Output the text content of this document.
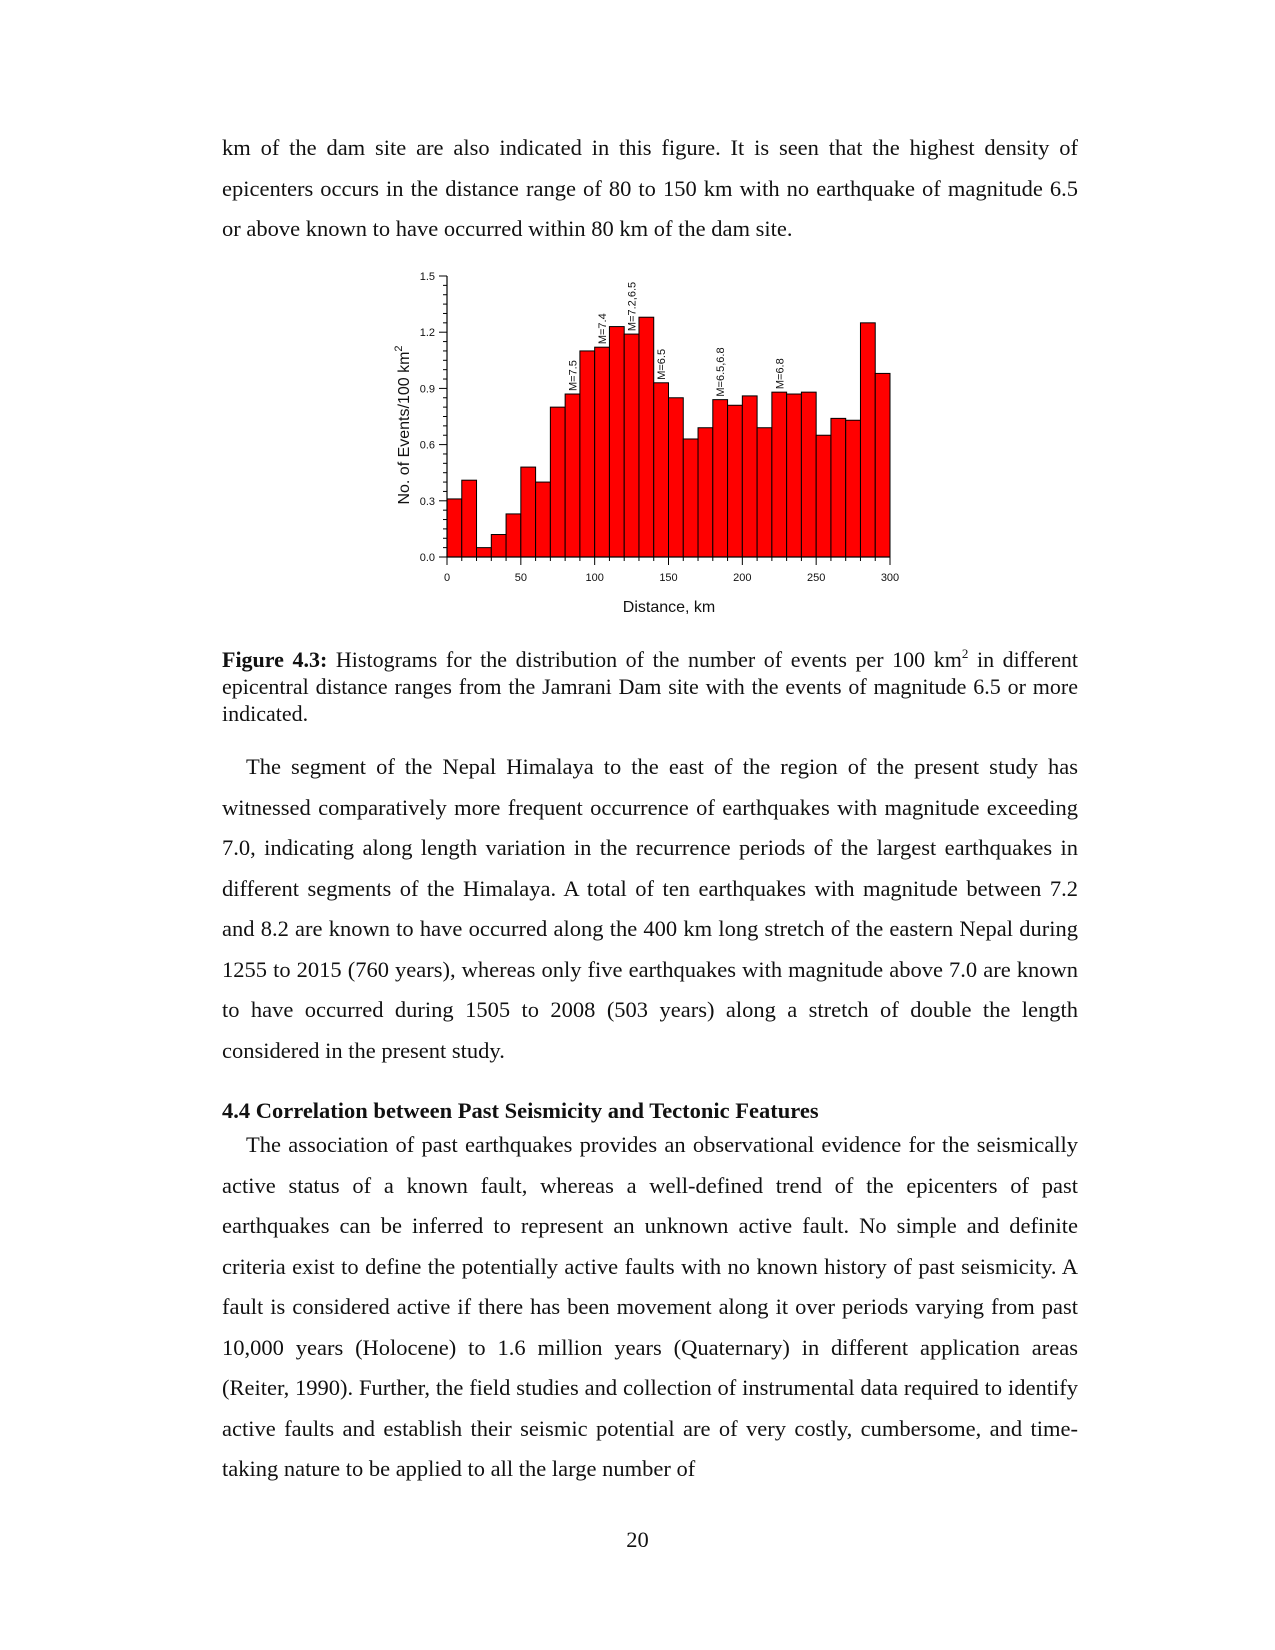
km of the dam site are also indicated in this figure. It is seen that the highest density of epicenters occurs in the distance range of 80 to 150 km with no earthquake of magnitude 6.5 or above known to have occurred within 80 km of the dam site.

M=7.5
M=7.4 M=7.2,6.5
M=6.5	M=6.5,6.8	M=6.8
0.0
0.3
0.6
0.9
1.2
1.5
0	50	100	150	200	250	300
Distance, km
No. of Events/100 $km^2$

Figure 4.3: Histograms for the distribution of the number of events per 100 $km^2$ in different epicentral distance ranges from the Jamrani Dam site with the events of magnitude 6.5 or more indicated.

The segment of the Nepal Himalaya to the east of the region of the present study has witnessed comparatively more frequent occurrence of earthquakes with magnitude exceeding 7.0, indicating along length variation in the recurrence periods of the largest earthquakes in different segments of the Himalaya. A total of ten earthquakes with magnitude between 7.2 and 8.2 are known to have occurred along the 400 km long stretch of the eastern Nepal during 1255 to 2015 (760 years), whereas only five earthquakes with magnitude above 7.0 are known to have occurred during 1505 to 2008 (503 years) along a stretch of double the length considered in the present study.

4.4 Correlation between Past Seismicity and Tectonic Features

The association of past earthquakes provides an observational evidence for the seismically active status of a known fault, whereas a well-defined trend of the epicenters of past earthquakes can be inferred to represent an unknown active fault. No simple and definite criteria exist to define the potentially active faults with no known history of past seismicity. A fault is considered active if there has been movement along it over periods varying from past 10,000 years (Holocene) to 1.6 million years (Quaternary) in different application areas (Reiter, 1990). Further, the field studies and collection of instrumental data required to identify active faults and establish their seismic potential are of very costly, cumbersome, and time-taking nature to be applied to all the large number of

20
